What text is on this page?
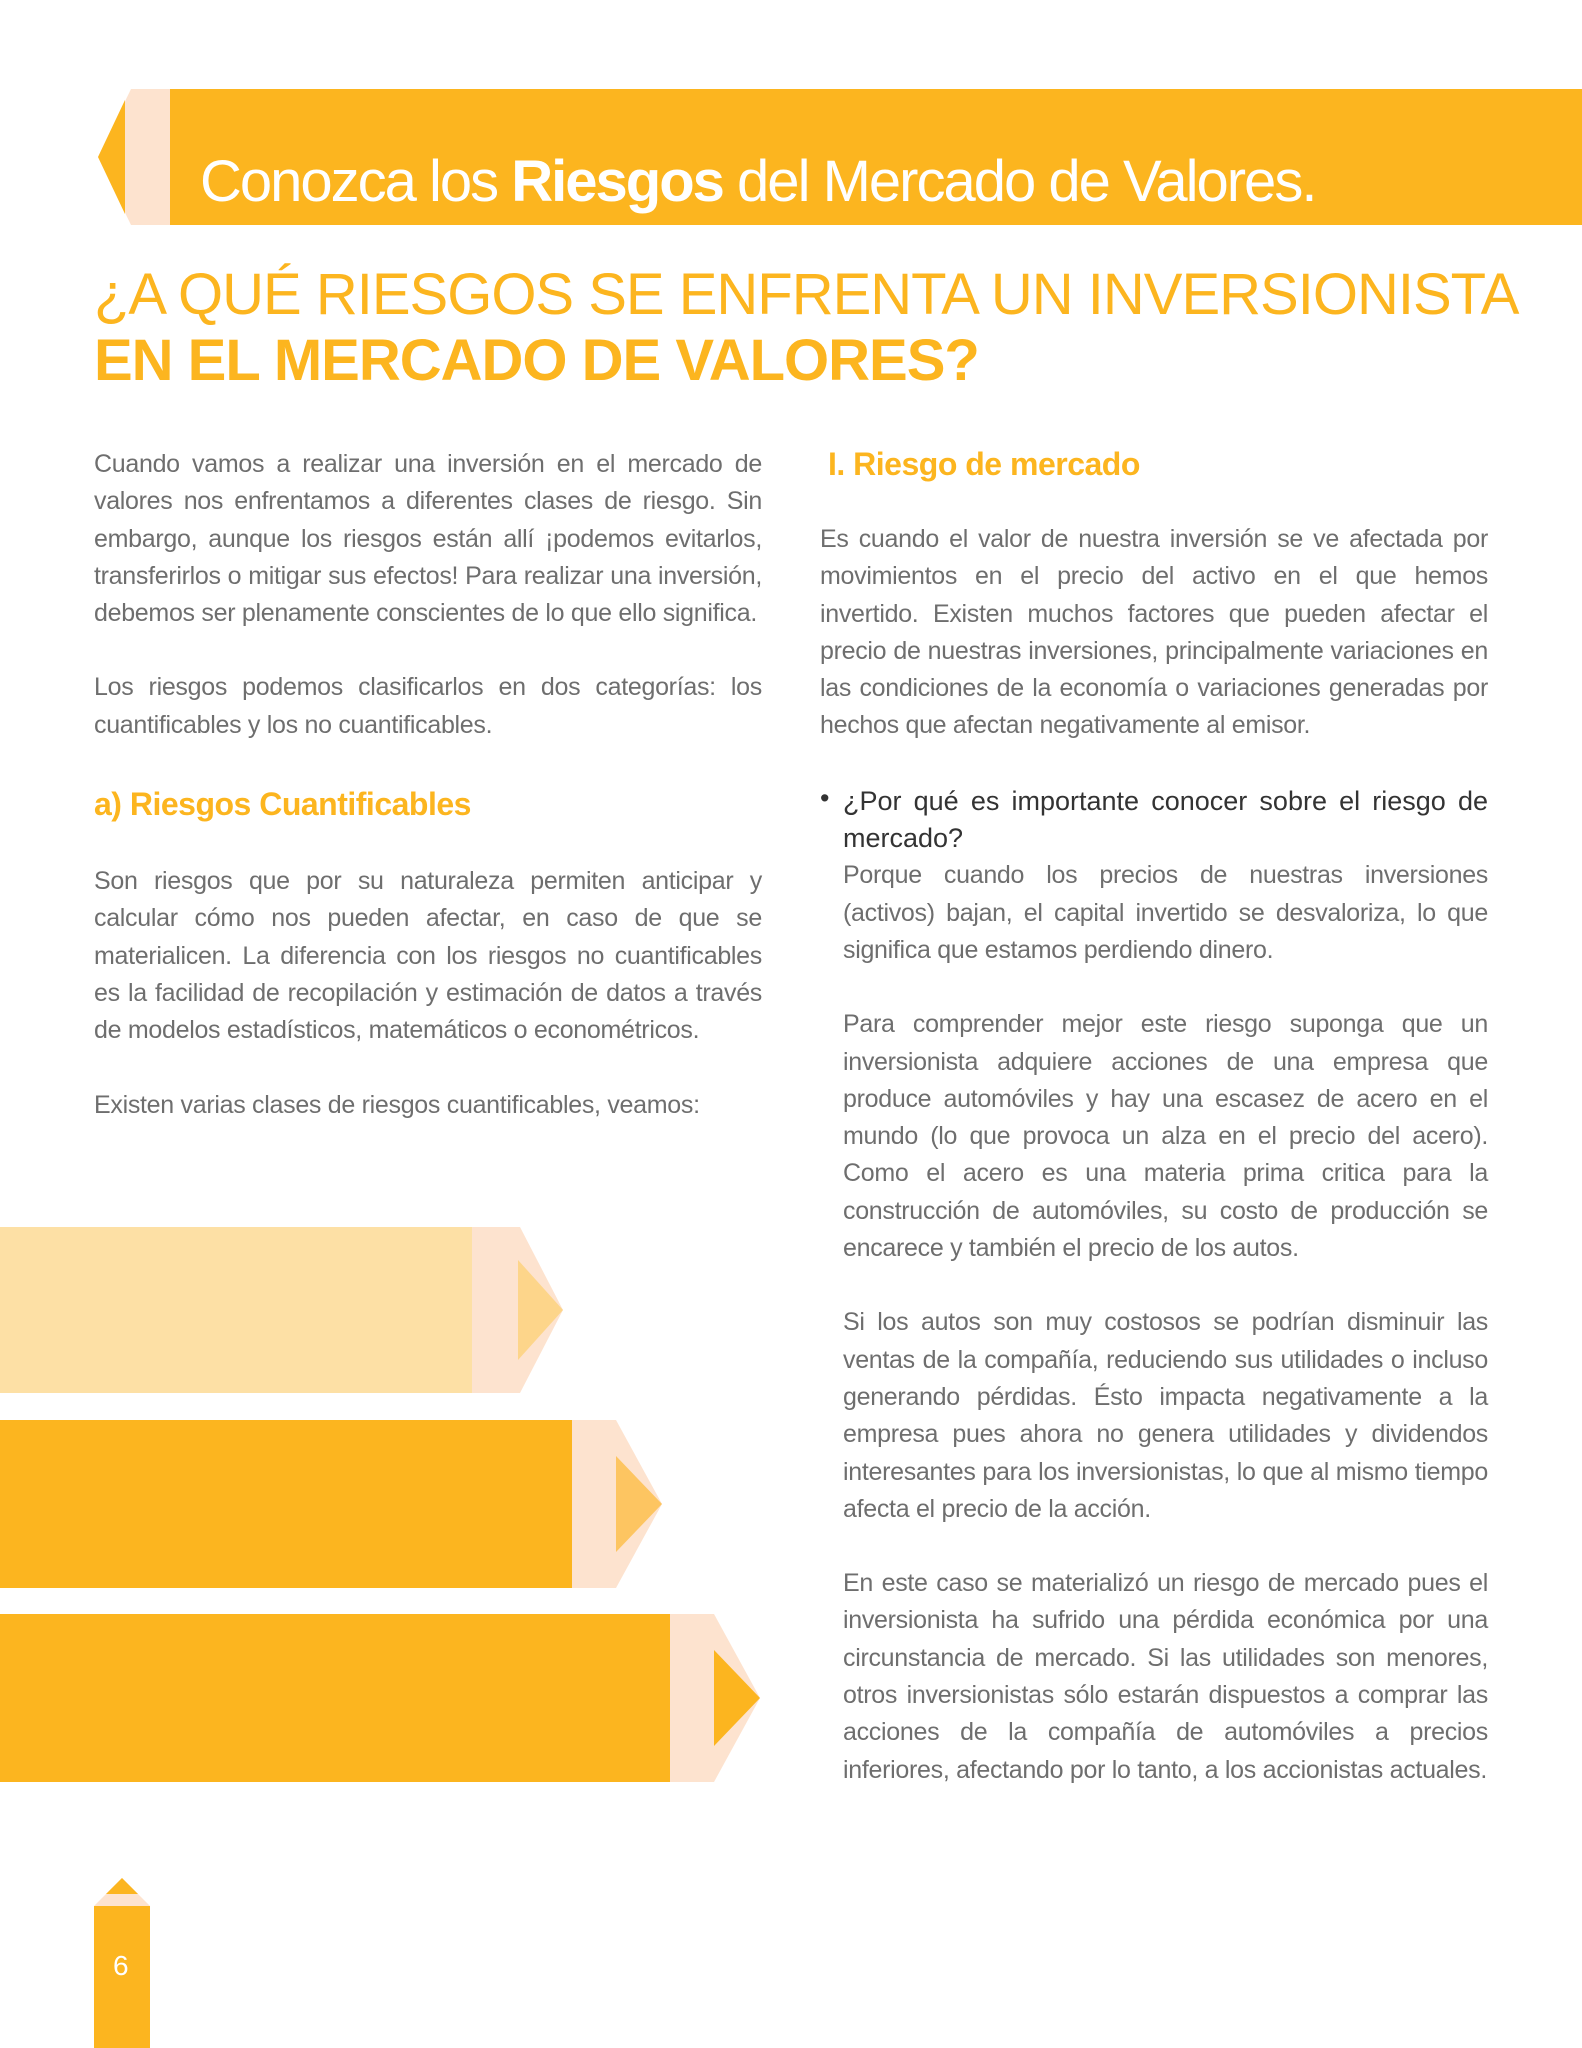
Conozca los Riesgos del Mercado de Valores.
¿A QUÉ RIESGOS SE ENFRENTA UN INVERSIONISTA
EN EL MERCADO DE VALORES?

Cuando vamos a realizar una inversión en el mercado de valores nos enfrentamos a diferentes clases de riesgo. Sin embargo, aunque los riesgos están allí ¡podemos evitarlos, transferirlos o mitigar sus efectos! Para realizar una inversión, debemos ser plenamente conscientes de lo que ello significa.

Los riesgos podemos clasificarlos en dos categorías: los cuantificables y los no cuantificables.

a) Riesgos Cuantificables

Son riesgos que por su naturaleza permiten anticipar y calcular cómo nos pueden afectar, en caso de que se materialicen. La diferencia con los riesgos no cuantificables es la facilidad de recopilación y estimación de datos a través de modelos estadísticos, matemáticos o econométricos.

Existen varias clases de riesgos cuantificables, veamos:

I. Riesgo de mercado

Es cuando el valor de nuestra inversión se ve afectada por movimientos en el precio del activo en el que hemos invertido. Existen muchos factores que pueden afectar el precio de nuestras inversiones, principalmente variaciones en las condiciones de la economía o variaciones generadas por hechos que afectan negativamente al emisor.

• ¿Por qué es importante conocer sobre el riesgo de mercado?

Porque cuando los precios de nuestras inversiones (activos) bajan, el capital invertido se desvaloriza, lo que significa que estamos perdiendo dinero.

Para comprender mejor este riesgo suponga que un inversionista adquiere acciones de una empresa que produce automóviles y hay una escasez de acero en el mundo (lo que provoca un alza en el precio del acero). Como el acero es una materia prima critica para la construcción de automóviles, su costo de producción se encarece y también el precio de los autos.

Si los autos son muy costosos se podrían disminuir las ventas de la compañía, reduciendo sus utilidades o incluso generando pérdidas. Ésto impacta negativamente a la empresa pues ahora no genera utilidades y dividendos interesantes para los inversionistas, lo que al mismo tiempo afecta el precio de la acción.

En este caso se materializó un riesgo de mercado pues el inversionista ha sufrido una pérdida económica por una circunstancia de mercado. Si las utilidades son menores, otros inversionistas sólo estarán dispuestos a comprar las acciones de la compañía de automóviles a precios inferiores, afectando por lo tanto, a los accionistas actuales.

6
